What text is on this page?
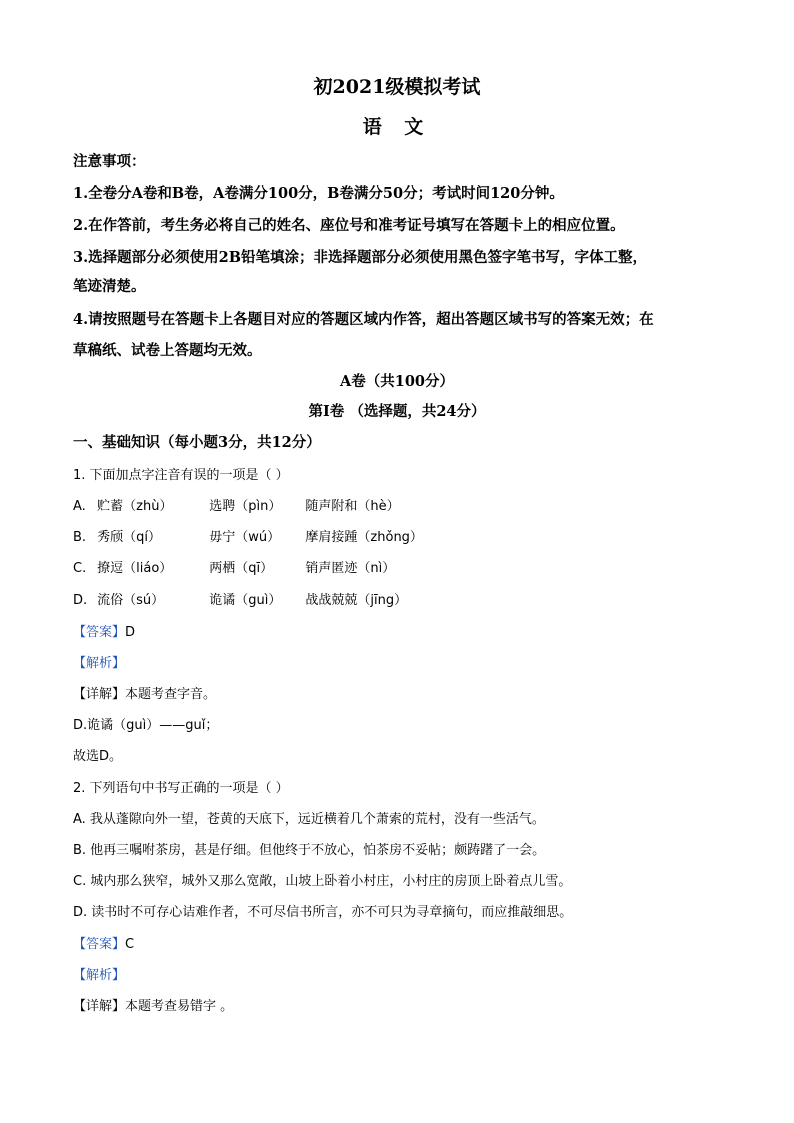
初2021级模拟考试
语 文
注意事项：
1.全卷分A卷和B卷，A卷满分100分，B卷满分50分；考试时间120分钟。
2.在作答前，考生务必将自己的姓名、座位号和准考证号填写在答题卡上的相应位置。
3.选择题部分必须使用2B铅笔填涂；非选择题部分必须使用黑色签字笔书写，字体工整，
笔迹清楚。
4.请按照题号在答题卡上各题目对应的答题区域内作答，超出答题区域书写的答案无效；在
草稿纸、试卷上答题均无效。
A卷（共100分）
第Ⅰ卷 （选择题，共24分）
一、基础知识（每小题3分，共12分）
1. 下面加点字注音有误的一项是（ ）
A. 贮蓄（zhù）	选聘（pìn） 随声附和（hè）
B. 秀颀（qí）	毋宁（wú） 摩肩接踵（zhǒng）
C. 撩逗（liáo）	两栖（qī） 销声匿迹（nì）
D. 流俗（sú）	诡谲（guì） 战战兢兢（jīng）
【答案】D
【解析】
【详解】本题考查字音。
D.诡谲（guì）——guǐ；
故选D。
2. 下列语句中书写正确的一项是（ ）
A. 我从蓬隙向外一望，苍黄的天底下，远近横着几个萧索的荒村，没有一些活气。
B. 他再三嘱咐茶房，甚是仔细。但他终于不放心，怕茶房不妥帖；颇踌躇了一会。
C. 城内那么狭窄，城外又那么宽敞，山坡上卧着小村庄，小村庄的房顶上卧着点儿雪。
D. 读书时不可存心诘难作者，不可尽信书所言，亦不可只为寻章摘句，而应推敲细思。
【答案】C
【解析】
【详解】本题考查易错字 。
